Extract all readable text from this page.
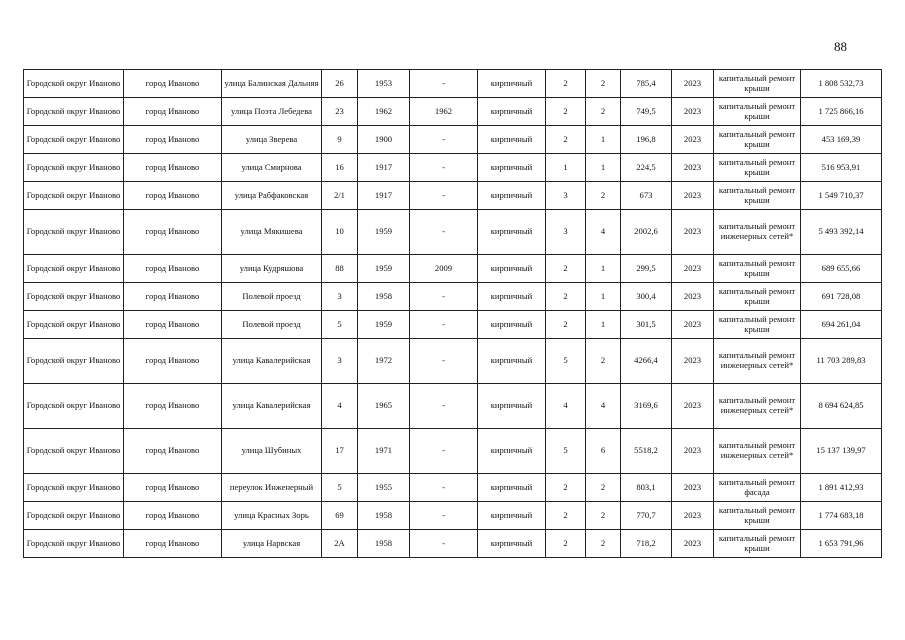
88
Городской округ Иваново	город Иваново	улица Балинская Дальняя	26	1953	-	кирпичный	2	2	785,4	2023	капитальный ремонт крыши	1 808 532,73
Городской округ Иваново	город Иваново	улица Поэта Лебедева	23	1962	1962	кирпичный	2	2	749,5	2023	капитальный ремонт крыши	1 725 866,16
Городской округ Иваново	город Иваново	улица Зверева	9	1900	-	кирпичный	2	1	196,8	2023	капитальный ремонт крыши	453 169,39
Городской округ Иваново	город Иваново	улица Смирнова	16	1917	-	кирпичный	1	1	224,5	2023	капитальный ремонт крыши	516 953,91
Городской округ Иваново	город Иваново	улица Рабфаковская	2/1	1917	-	кирпичный	3	2	673	2023	капитальный ремонт крыши	1 549 710,37
Городской округ Иваново	город Иваново	улица Мякишева	10	1959	-	кирпичный	3	4	2002,6	2023	капитальный ремонт инженерных сетей*	5 493 392,14
Городской округ Иваново	город Иваново	улица Кудряшова	88	1959	2009	кирпичный	2	1	299,5	2023	капитальный ремонт крыши	689 655,66
Городской округ Иваново	город Иваново	Полевой проезд	3	1958	-	кирпичный	2	1	300,4	2023	капитальный ремонт крыши	691 728,08
Городской округ Иваново	город Иваново	Полевой проезд	5	1959	-	кирпичный	2	1	301,5	2023	капитальный ремонт крыши	694 261,04
Городской округ Иваново	город Иваново	улица Кавалерийская	3	1972	-	кирпичный	5	2	4266,4	2023	капитальный ремонт инженерных сетей*	11 703 289,83
Городской округ Иваново	город Иваново	улица Кавалерийская	4	1965	-	кирпичный	4	4	3169,6	2023	капитальный ремонт инженерных сетей*	8 694 624,85
Городской округ Иваново	город Иваново	улица Шубиных	17	1971	-	кирпичный	5	6	5518,2	2023	капитальный ремонт инженерных сетей*	15 137 139,97
Городской округ Иваново	город Иваново	переулок Инженерный	5	1955	-	кирпичный	2	2	803,1	2023	капитальный ремонт фасада	1 891 412,93
Городской округ Иваново	город Иваново	улица Красных Зорь	69	1958	-	кирпичный	2	2	770,7	2023	капитальный ремонт крыши	1 774 683,18
Городской округ Иваново	город Иваново	улица Нарвская	2А	1958	-	кирпичный	2	2	718,2	2023	капитальный ремонт крыши	1 653 791,96
